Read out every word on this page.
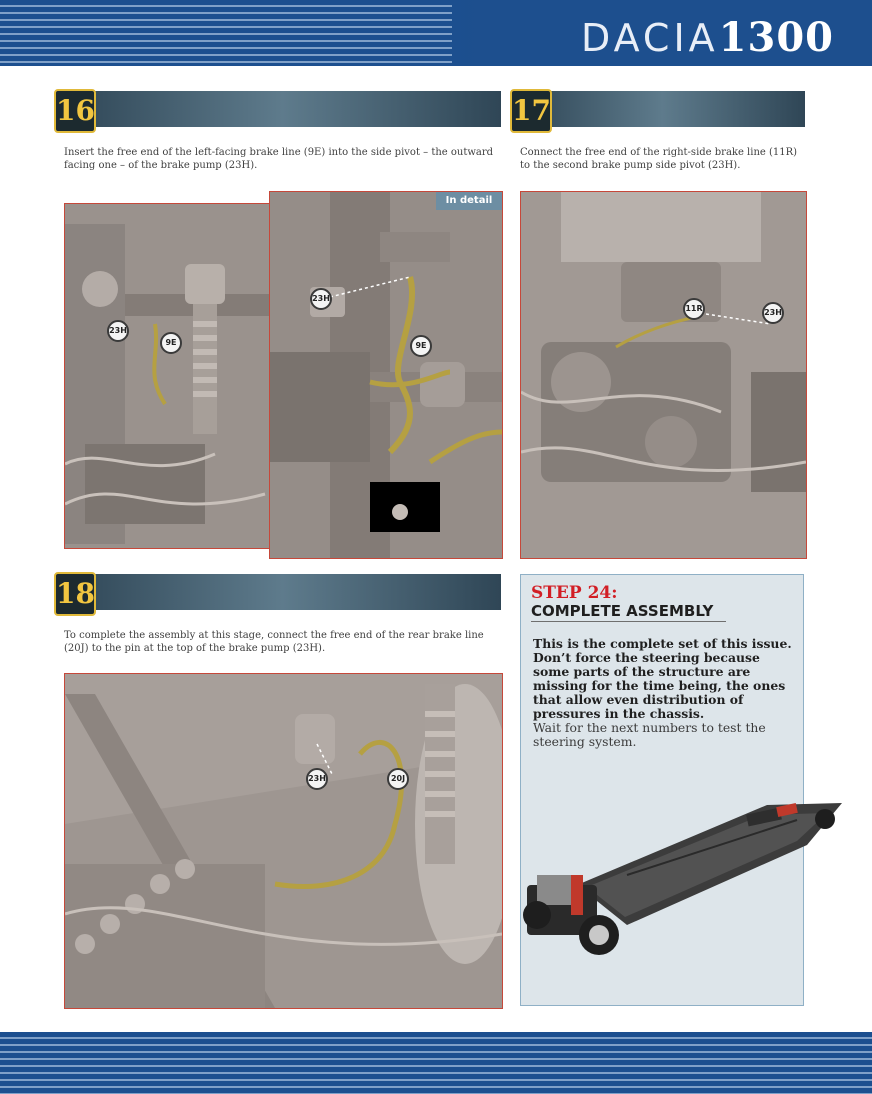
DACIA1300
16
Insert the free end of the left-facing brake line (9E) into the side pivot – the outward facing one – of the brake pump (23H).
23H
9E
In detail
23H
9E
17
Connect the free end of the right-side brake line (11R) to the second brake pump side pivot (23H).
11R	23H
18
To complete the assembly at this stage, connect the free end of the rear brake line (20J) to the pin at the top of the brake pump (23H).
23H	20J
STEP 24:
COMPLETE ASSEMBLY
This is the complete set of this issue. Don’t force the steering because some parts of the structure are missing for the time being, the ones that allow even distribution of pressures in the chassis.
Wait for the next numbers to test the steering system.
